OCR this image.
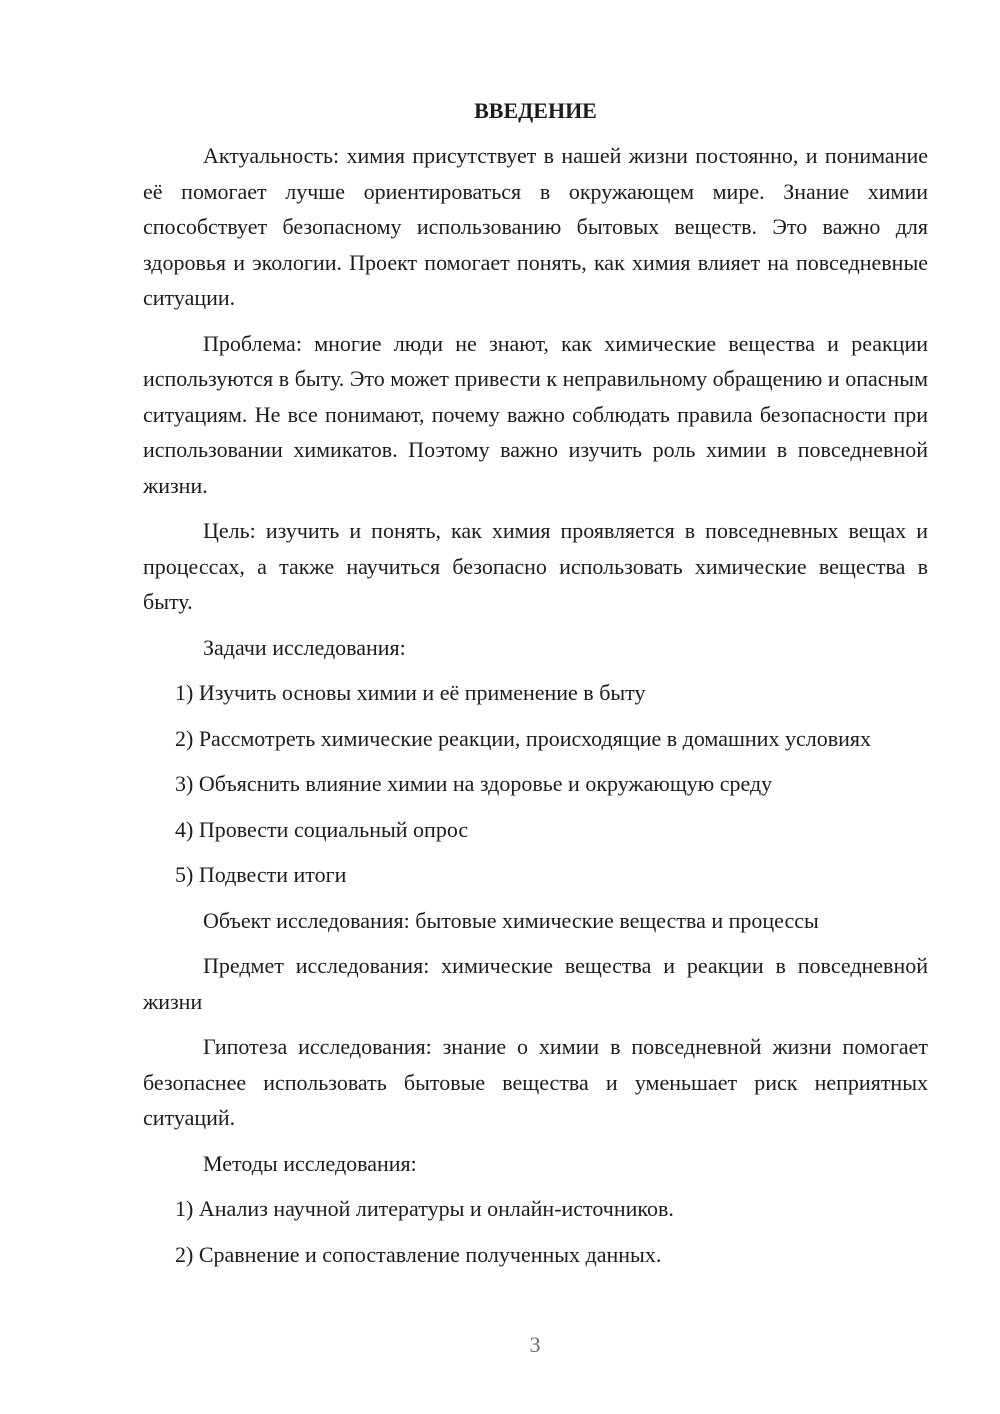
ВВЕДЕНИЕ

Актуальность: химия присутствует в нашей жизни постоянно, и понимание её помогает лучше ориентироваться в окружающем мире. Знание химии способствует безопасному использованию бытовых веществ. Это важно для здоровья и экологии. Проект помогает понять, как химия влияет на повседневные ситуации.

Проблема: многие люди не знают, как химические вещества и реакции используются в быту. Это может привести к неправильному обращению и опасным ситуациям. Не все понимают, почему важно соблюдать правила безопасности при использовании химикатов. Поэтому важно изучить роль химии в повседневной жизни.

Цель: изучить и понять, как химия проявляется в повседневных вещах и процессах, а также научиться безопасно использовать химические вещества в быту.

Задачи исследования:

1) Изучить основы химии и её применение в быту

2) Рассмотреть химические реакции, происходящие в домашних условиях

3) Объяснить влияние химии на здоровье и окружающую среду

4) Провести социальный опрос

5) Подвести итоги

Объект исследования: бытовые химические вещества и процессы

Предмет исследования: химические вещества и реакции в повседневной жизни

Гипотеза исследования: знание о химии в повседневной жизни помогает безопаснее использовать бытовые вещества и уменьшает риск неприятных ситуаций.

Методы исследования:

1) Анализ научной литературы и онлайн-источников.

2) Сравнение и сопоставление полученных данных.

3
